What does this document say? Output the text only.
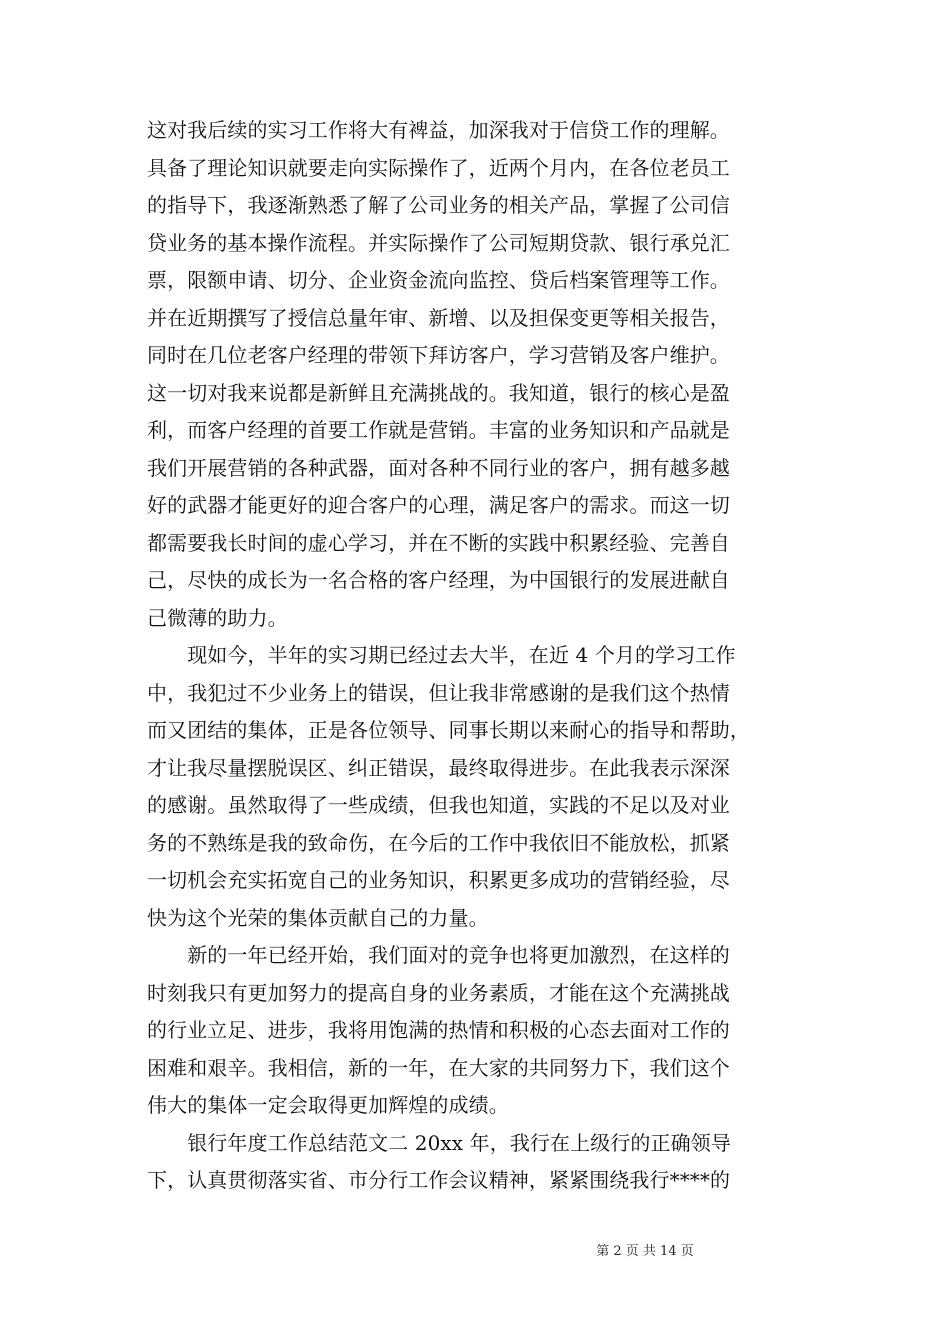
这对我后续的实习工作将大有裨益，加深我对于信贷工作的理解。
具备了理论知识就要走向实际操作了，近两个月内，在各位老员工
的指导下，我逐渐熟悉了解了公司业务的相关产品，掌握了公司信
贷业务的基本操作流程。并实际操作了公司短期贷款、银行承兑汇
票，限额申请、切分、企业资金流向监控、贷后档案管理等工作。
并在近期撰写了授信总量年审、新增、以及担保变更等相关报告，
同时在几位老客户经理的带领下拜访客户，学习营销及客户维护。
这一切对我来说都是新鲜且充满挑战的。我知道，银行的核心是盈
利，而客户经理的首要工作就是营销。丰富的业务知识和产品就是
我们开展营销的各种武器，面对各种不同行业的客户，拥有越多越
好的武器才能更好的迎合客户的心理，满足客户的需求。而这一切
都需要我长时间的虚心学习，并在不断的实践中积累经验、完善自
己，尽快的成长为一名合格的客户经理，为中国银行的发展进献自
己微薄的助力。
　　现如今，半年的实习期已经过去大半，在近 4 个月的学习工作
中，我犯过不少业务上的错误，但让我非常感谢的是我们这个热情
而又团结的集体，正是各位领导、同事长期以来耐心的指导和帮助，
才让我尽量摆脱误区、纠正错误，最终取得进步。在此我表示深深
的感谢。虽然取得了一些成绩，但我也知道，实践的不足以及对业
务的不熟练是我的致命伤，在今后的工作中我依旧不能放松，抓紧
一切机会充实拓宽自己的业务知识，积累更多成功的营销经验，尽
快为这个光荣的集体贡献自己的力量。
　　新的一年已经开始，我们面对的竞争也将更加激烈，在这样的
时刻我只有更加努力的提高自身的业务素质，才能在这个充满挑战
的行业立足、进步，我将用饱满的热情和积极的心态去面对工作的
困难和艰辛。我相信，新的一年，在大家的共同努力下，我们这个
伟大的集体一定会取得更加辉煌的成绩。
　　银行年度工作总结范文二 20xx 年，我行在上级行的正确领导
下，认真贯彻落实省、市分行工作会议精神，紧紧围绕我行****的
第 2 页 共 14 页
